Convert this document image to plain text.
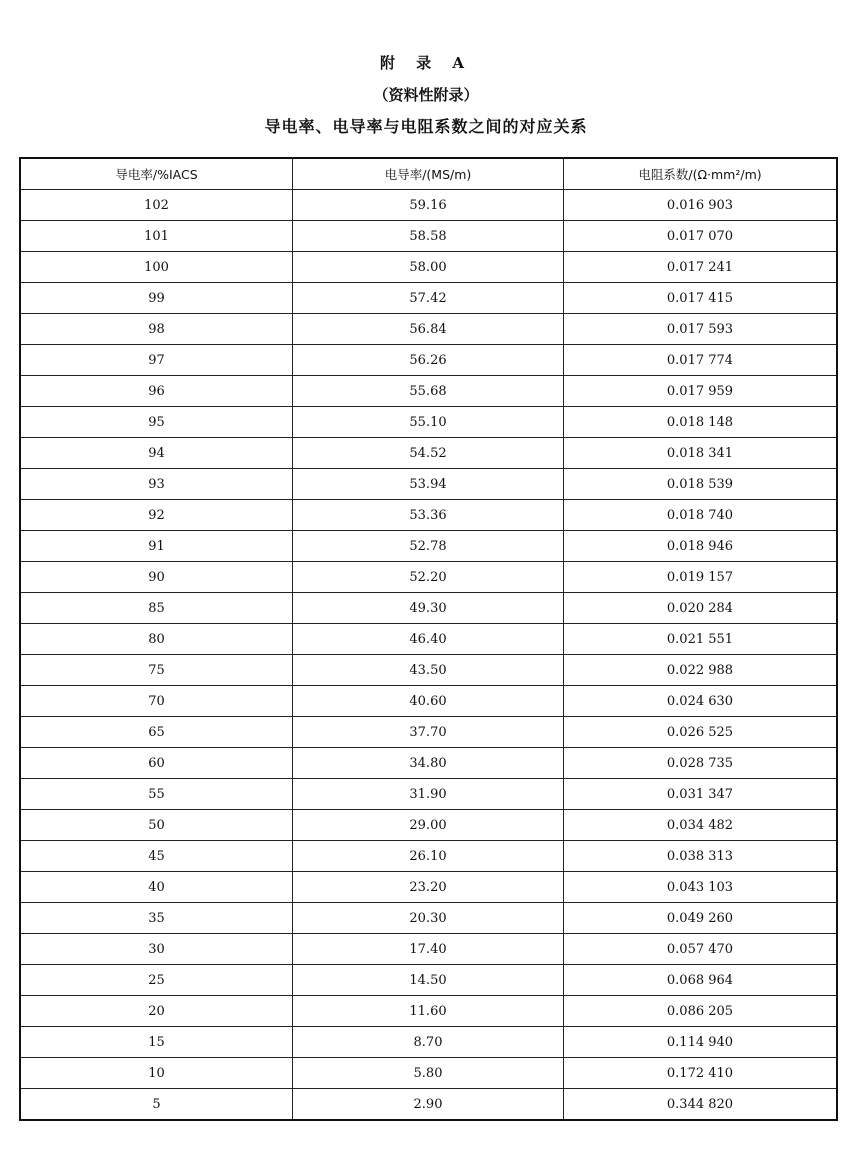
附 录 A
（资料性附录）
导电率、电导率与电阻系数之间的对应关系
导电率/%IACS	电导率/(MS/m)	电阻系数/(Ω·mm²/m)
102	59.16	0.016 903
101	58.58	0.017 070
100	58.00	0.017 241
99	57.42	0.017 415
98	56.84	0.017 593
97	56.26	0.017 774
96	55.68	0.017 959
95	55.10	0.018 148
94	54.52	0.018 341
93	53.94	0.018 539
92	53.36	0.018 740
91	52.78	0.018 946
90	52.20	0.019 157
85	49.30	0.020 284
80	46.40	0.021 551
75	43.50	0.022 988
70	40.60	0.024 630
65	37.70	0.026 525
60	34.80	0.028 735
55	31.90	0.031 347
50	29.00	0.034 482
45	26.10	0.038 313
40	23.20	0.043 103
35	20.30	0.049 260
30	17.40	0.057 470
25	14.50	0.068 964
20	11.60	0.086 205
15	8.70	0.114 940
10	5.80	0.172 410
5	2.90	0.344 820
